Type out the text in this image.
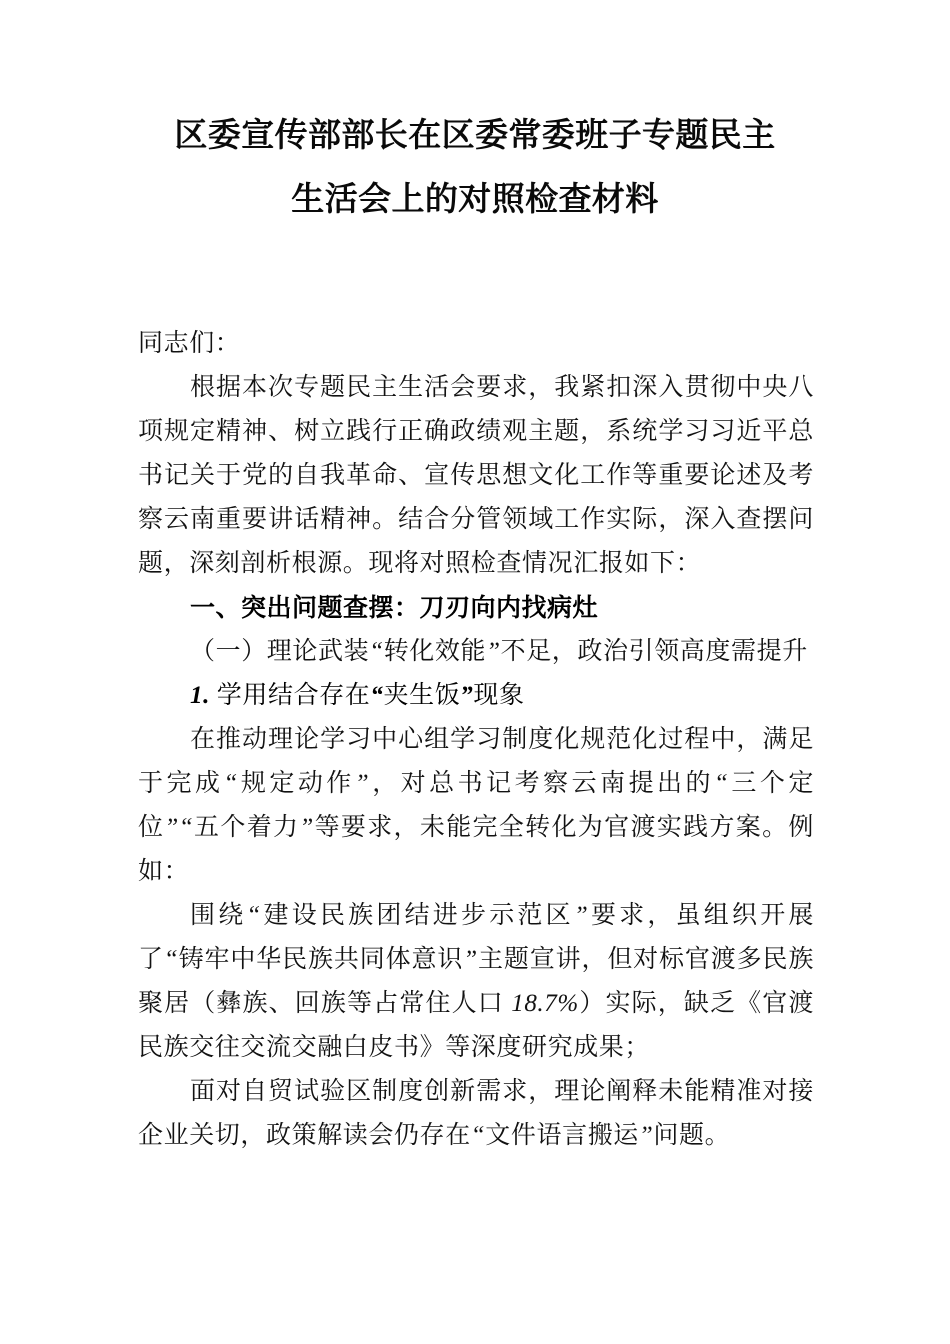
区委宣传部部长在区委常委班子专题民主
生活会上的对照检查材料

同志们：

根据本次专题民主生活会要求，我紧扣深入贯彻中央八项规定精神、树立践行正确政绩观主题，系统学习习近平总书记关于党的自我革命、宣传思想文化工作等重要论述及考察云南重要讲话精神。结合分管领域工作实际，深入查摆问题，深刻剖析根源。现将对照检查情况汇报如下：

一、突出问题查摆：刀刃向内找病灶

（一）理论武装“转化效能”不足，政治引领高度需提升

1. 学用结合存在“夹生饭”现象

在推动理论学习中心组学习制度化规范化过程中，满足于完成“规定动作”，对总书记考察云南提出的“三个定位”“五个着力”等要求，未能完全转化为官渡实践方案。例如：

围绕“建设民族团结进步示范区”要求，虽组织开展了“铸牢中华民族共同体意识”主题宣讲，但对标官渡多民族聚居（彝族、回族等占常住人口 18.7%）实际，缺乏《官渡民族交往交流交融白皮书》等深度研究成果；

面对自贸试验区制度创新需求，理论阐释未能精准对接企业关切，政策解读会仍存在“文件语言搬运”问题。
